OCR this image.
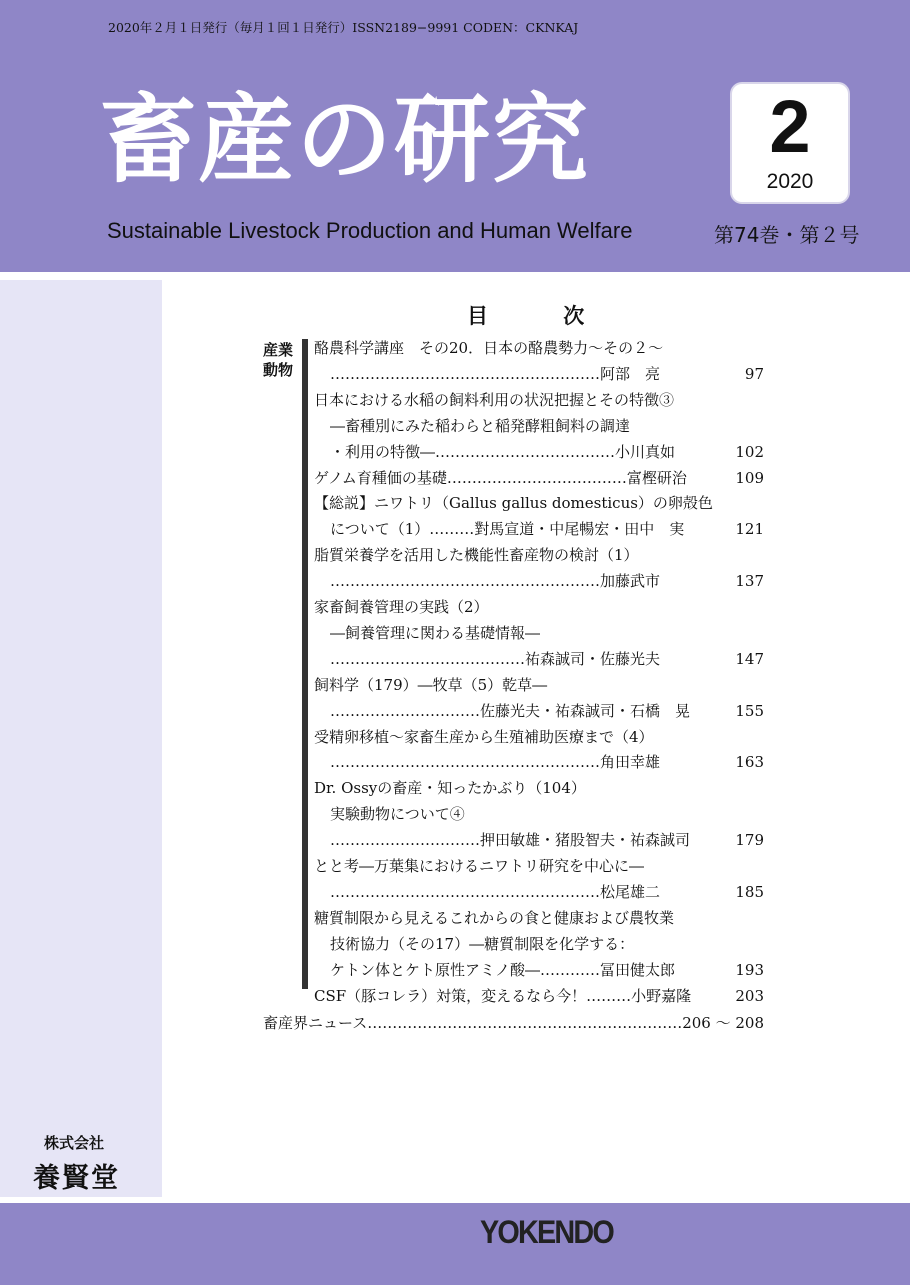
2020年２月１日発行（毎月１回１日発行）ISSN2189−9991 CODEN：CKNKAJ
畜産の研究
Sustainable Livestock Production and Human Welfare
2
2020
第74巻・第２号
株式会社
養賢堂
YOKENDO
目 次
産業
動物
酪農科学講座　その20．日本の酪農勢力〜その２〜
………………………………………………阿部　亮	97
日本における水稲の飼料利用の状況把握とその特徴③
―畜種別にみた稲わらと稲発酵粗飼料の調達
・利用の特徴―………………………………小川真如	102
ゲノム育種価の基礎………………………………富樫研治	109
【総説】ニワトリ（Gallus gallus domesticus）の卵殻色
について（1）………對馬宣道・中尾暢宏・田中　実	121
脂質栄養学を活用した機能性畜産物の検討（1）
………………………………………………加藤武市	137
家畜飼養管理の実践（2）
―飼養管理に関わる基礎情報―
…………………………………祐森誠司・佐藤光夫	147
飼料学（179）―牧草（5）乾草―
…………………………佐藤光夫・祐森誠司・石橋　晃	155
受精卵移植〜家畜生産から生殖補助医療まで（4）
………………………………………………角田幸雄	163
Dr. Ossyの畜産・知ったかぶり（104）
実験動物について④
…………………………押田敏雄・猪股智夫・祐森誠司	179
とと考―万葉集におけるニワトリ研究を中心に―
………………………………………………松尾雄二	185
糖質制限から見えるこれからの食と健康および農牧業
技術協力（その17）―糖質制限を化学する：
ケトン体とケト原性アミノ酸―…………冨田健太郎	193
CSF（豚コレラ）対策，変えるなら今！………小野嘉隆	203
畜産界ニュース……………………………………………………… 206 〜 208
